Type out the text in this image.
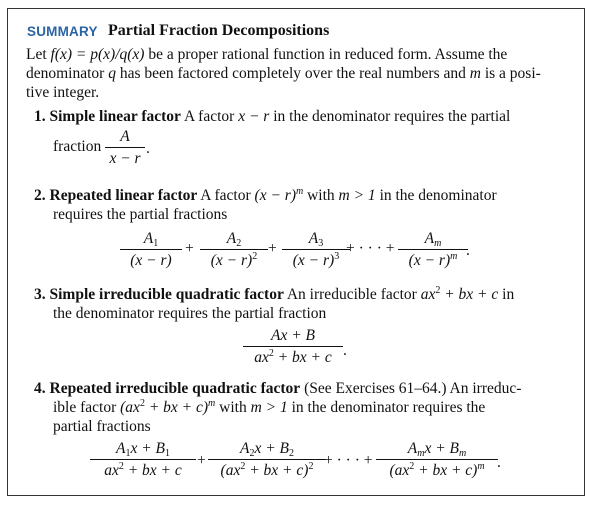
SUMMARY Partial Fraction Decompositions
Let f(x) = p(x)/q(x) be a proper rational function in reduced form. Assume the
denominator q has been factored completely over the real numbers and m is a posi-
tive integer.
1. Simple linear factor A factor x − r in the denominator requires the partial
fraction
A
x − r
.
2. Repeated linear factor A factor $(x - r)^m$ with m > 1 in the denominator
requires the partial fractions
$A_1$
(x − r)
+
$A_2$
$(x - r)^2$ +
$A_3$
$(x - r)^3$ + · · · +
$A_m$
$(x - r)^m$ .
3. Simple irreducible quadratic factor An irreducible factor $ax^2$ + bx + c in
the denominator requires the partial fraction
Ax + B
$ax^2$ + bx + c .
4. Repeated irreducible quadratic factor (See Exercises 61–64.) An irreduc-
ible factor ($ax^2$ + bx + c)$^m$ with m > 1 in the denominator requires the
partial fractions
$A_1x + B_1$
$ax^2$ + bx + c
+
$A_2x + B_2$
($ax^2$ + bx + c)$^2$ + · · · +
$A_mx + B_m$
($ax^2$ + bx + c)$^m$ .
